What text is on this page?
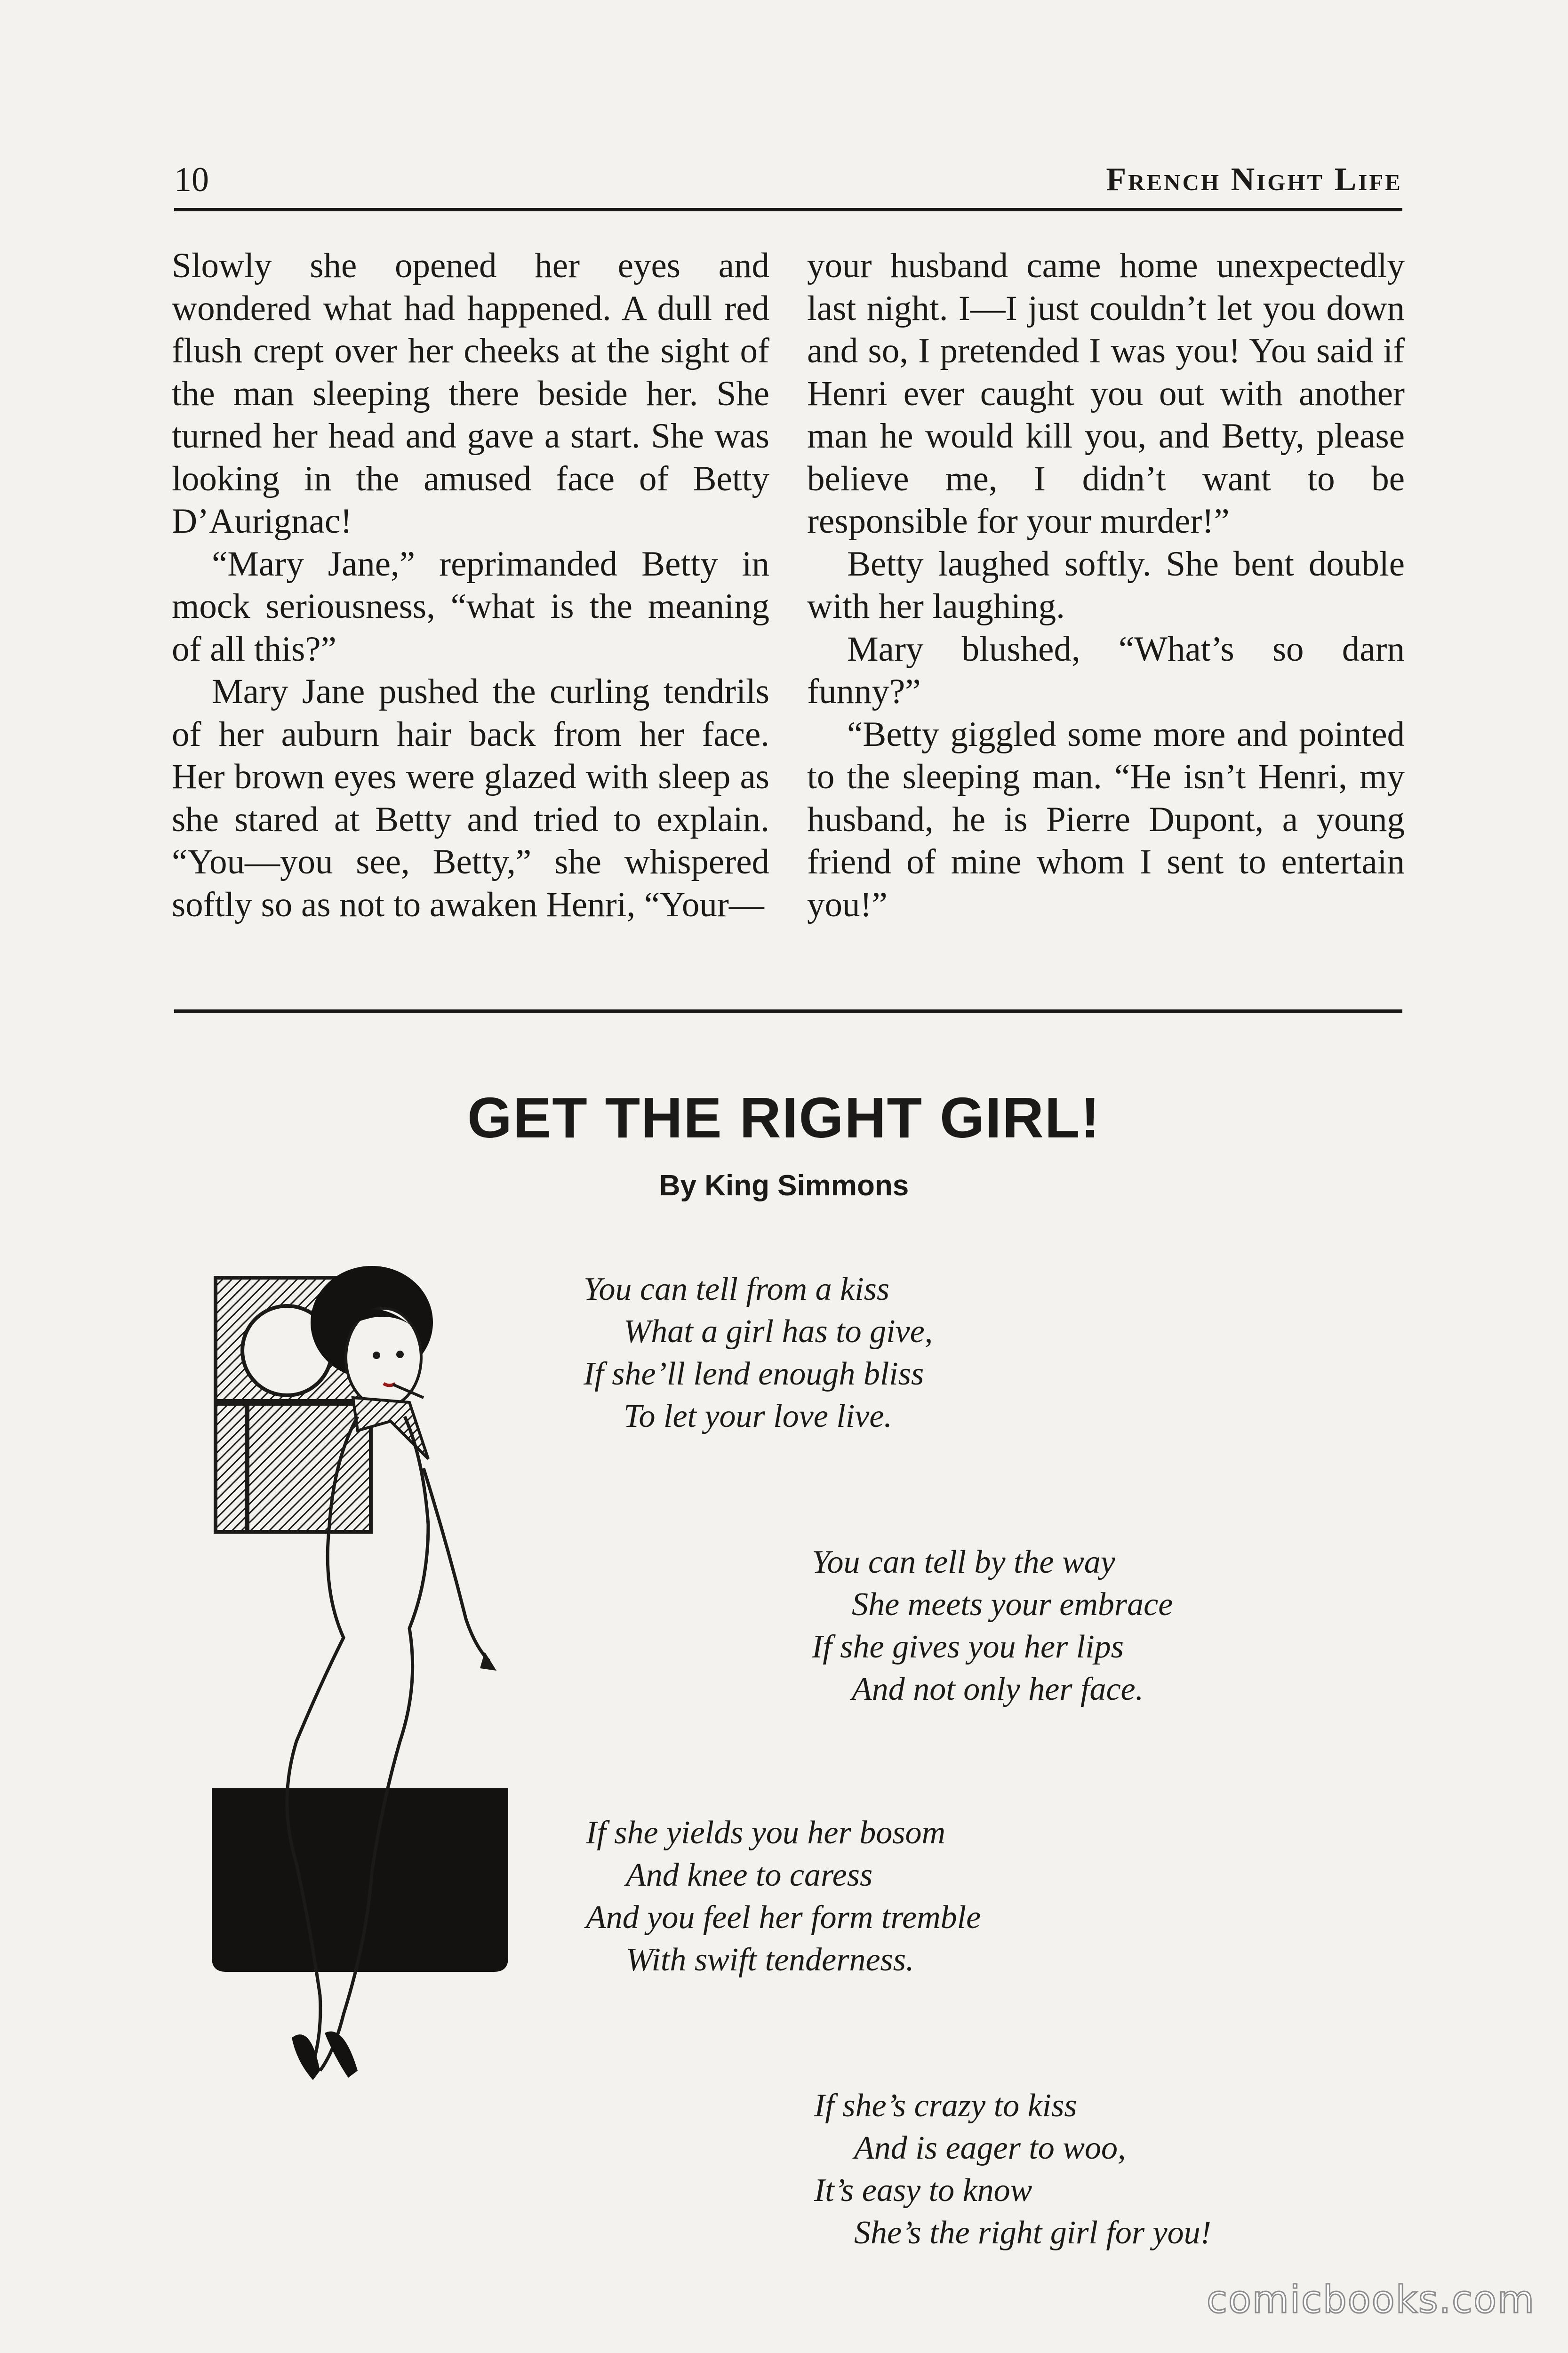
10	French Night Life

Slowly she opened her eyes and wondered what had happened. A dull red flush crept over her cheeks at the sight of the man sleeping there beside her. She turned her head and gave a start. She was looking in the amused face of Betty D’Aurignac!

“Mary Jane,” reprimanded Betty in mock seriousness, “what is the meaning of all this?”

Mary Jane pushed the curling tendrils of her auburn hair back from her face. Her brown eyes were glazed with sleep as she stared at Betty and tried to explain. “You—you see, Betty,” she whispered softly so as not to awaken Henri, “Your—

your husband came home unexpectedly last night. I—I just couldn’t let you down and so, I pretended I was you! You said if Henri ever caught you out with another man he would kill you, and Betty, please believe me, I didn’t want to be responsible for your murder!”

Betty laughed softly. She bent double with her laughing.

Mary blushed, “What’s so darn funny?”

“Betty giggled some more and pointed to the sleeping man. “He isn’t Henri, my husband, he is Pierre Dupont, a young friend of mine whom I sent to entertain you!”

GET THE RIGHT GIRL!
By King Simmons
You can tell from a kiss
What a girl has to give,
If she’ll lend enough bliss
To let your love live.
You can tell by the way
She meets your embrace
If she gives you her lips
And not only her face.
If she yields you her bosom
And knee to caress
And you feel her form tremble
With swift tenderness.
If she’s crazy to kiss
And is eager to woo,
It’s easy to know
She’s the right girl for you!
comicbooks.com
